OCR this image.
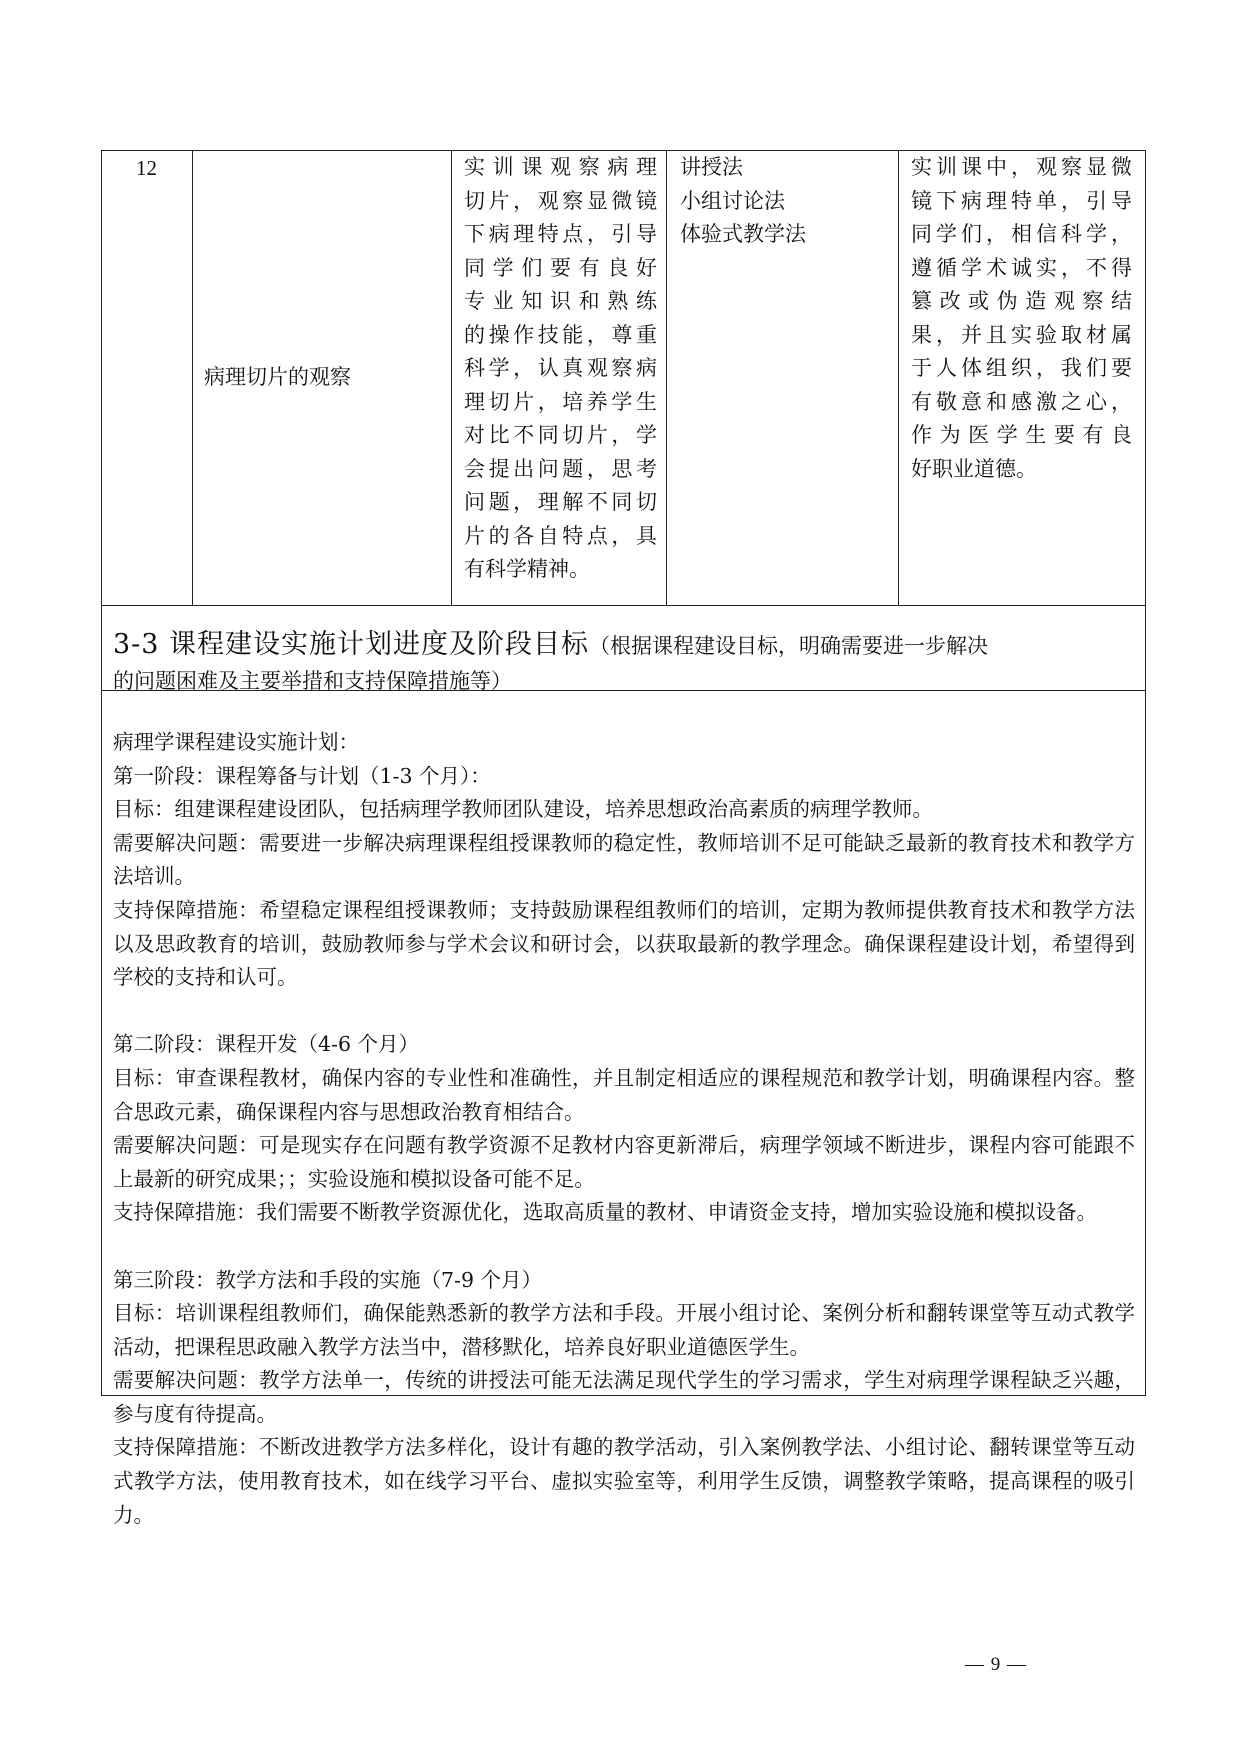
12
病理切片的观察
实训课观察病理
切片，观察显微镜
下病理特点，引导
同学们要有良好
专业知识和熟练
的操作技能，尊重
科学，认真观察病
理切片，培养学生
对比不同切片，学
会提出问题，思考
问题，理解不同切
片的各自特点，具
有科学精神。
讲授法
小组讨论法
体验式教学法
实训课中，观察显微
镜下病理特单，引导
同学们，相信科学，
遵循学术诚实，不得
篡改或伪造观察结
果，并且实验取材属
于人体组织，我们要
有敬意和感激之心，
作为医学生要有良
好职业道德。
3-3 课程建设实施计划进度及阶段目标（根据课程建设目标，明确需要进一步解决
的问题困难及主要举措和支持保障措施等）
病理学课程建设实施计划：
第一阶段：课程筹备与计划（1-3 个月）：
目标：组建课程建设团队，包括病理学教师团队建设，培养思想政治高素质的病理学教师。
需要解决问题：需要进一步解决病理课程组授课教师的稳定性，教师培训不足可能缺乏最新的教育技术和教学方法培训。
支持保障措施：希望稳定课程组授课教师；支持鼓励课程组教师们的培训，定期为教师提供教育技术和教学方法以及思政教育的培训，鼓励教师参与学术会议和研讨会，以获取最新的教学理念。确保课程建设计划，希望得到学校的支持和认可。
第二阶段：课程开发（4-6 个月）
目标：审查课程教材，确保内容的专业性和准确性，并且制定相适应的课程规范和教学计划，明确课程内容。整合思政元素，确保课程内容与思想政治教育相结合。
需要解决问题：可是现实存在问题有教学资源不足教材内容更新滞后，病理学领域不断进步，课程内容可能跟不上最新的研究成果；；实验设施和模拟设备可能不足。
支持保障措施：我们需要不断教学资源优化，选取高质量的教材、申请资金支持，增加实验设施和模拟设备。
第三阶段：教学方法和手段的实施（7-9 个月）
目标：培训课程组教师们，确保能熟悉新的教学方法和手段。开展小组讨论、案例分析和翻转课堂等互动式教学活动，把课程思政融入教学方法当中，潜移默化，培养良好职业道德医学生。
需要解决问题：教学方法单一，传统的讲授法可能无法满足现代学生的学习需求，学生对病理学课程缺乏兴趣，参与度有待提高。
支持保障措施：不断改进教学方法多样化，设计有趣的教学活动，引入案例教学法、小组讨论、翻转课堂等互动式教学方法，使用教育技术，如在线学习平台、虚拟实验室等，利用学生反馈，调整教学策略，提高课程的吸引力。
— 9 —
